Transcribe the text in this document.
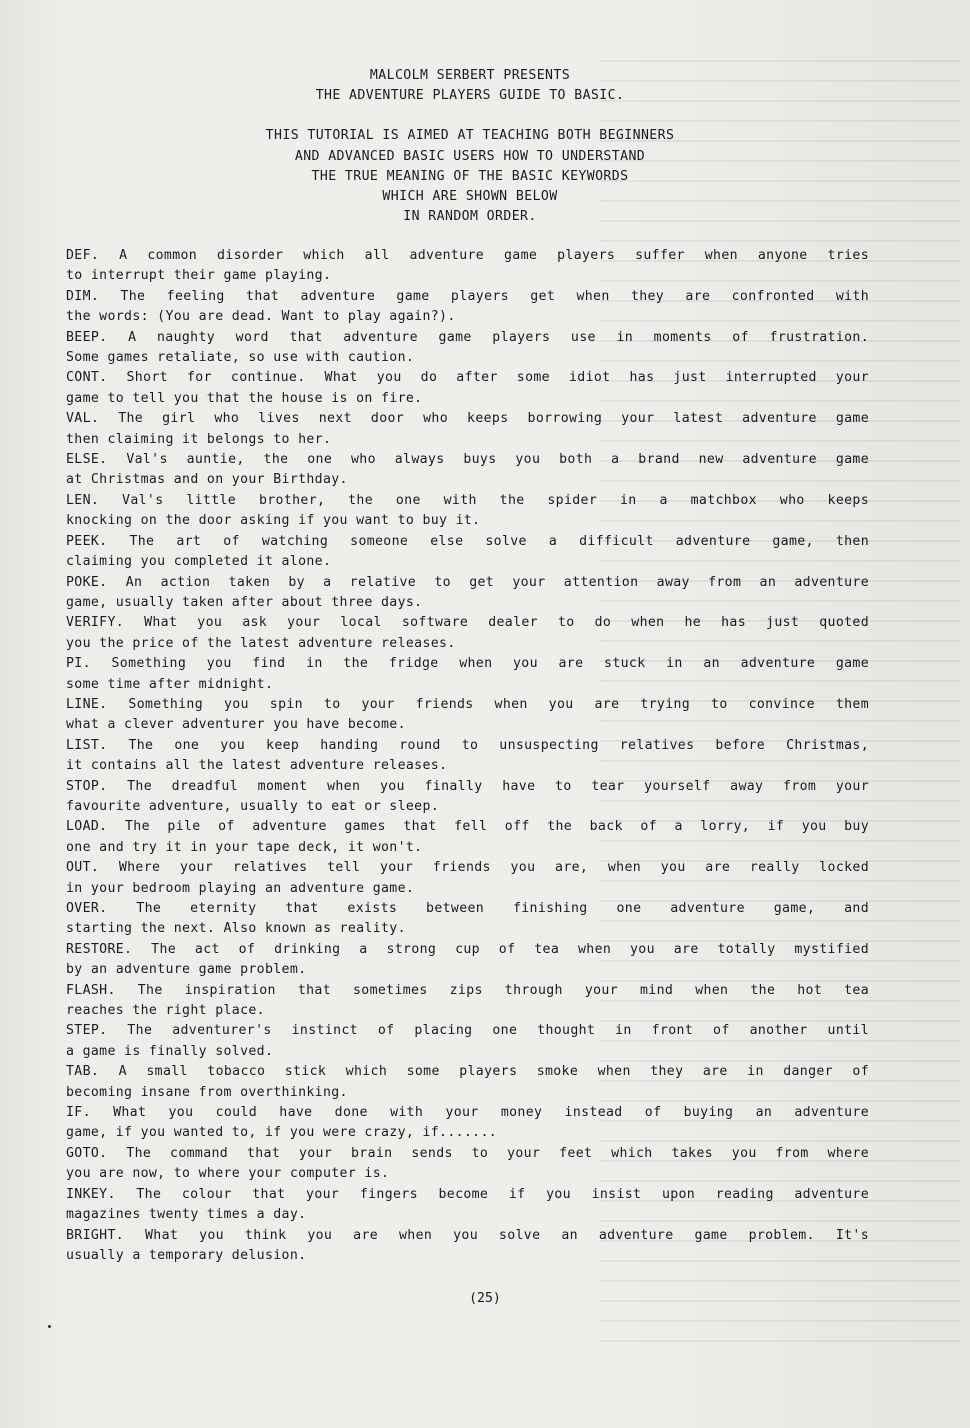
MALCOLM SERBERT PRESENTS
THE ADVENTURE PLAYERS GUIDE TO BASIC.
THIS TUTORIAL IS AIMED AT TEACHING BOTH BEGINNERS
AND ADVANCED BASIC USERS HOW TO UNDERSTAND
THE TRUE MEANING OF THE BASIC KEYWORDS
WHICH ARE SHOWN BELOW
IN RANDOM ORDER.
DEF. A common disorder which all adventure game players suffer when anyone tries
to interrupt their game playing.
DIM. The feeling that adventure game players get when they are confronted with
the words: (You are dead. Want to play again?).
BEEP. A naughty word that adventure game players use in moments of frustration.
Some games retaliate, so use with caution.
CONT. Short for continue. What you do after some idiot has just interrupted your
game to tell you that the house is on fire.
VAL. The girl who lives next door who keeps borrowing your latest adventure game
then claiming it belongs to her.
ELSE. Val's auntie, the one who always buys you both a brand new adventure game
at Christmas and on your Birthday.
LEN. Val's little brother, the one with the spider in a matchbox who keeps
knocking on the door asking if you want to buy it.
PEEK. The art of watching someone else solve a difficult adventure game, then
claiming you completed it alone.
POKE. An action taken by a relative to get your attention away from an adventure
game, usually taken after about three days.
VERIFY. What you ask your local software dealer to do when he has just quoted
you the price of the latest adventure releases.
PI. Something you find in the fridge when you are stuck in an adventure game
some time after midnight.
LINE. Something you spin to your friends when you are trying to convince them
what a clever adventurer you have become.
LIST. The one you keep handing round to unsuspecting relatives before Christmas,
it contains all the latest adventure releases.
STOP. The dreadful moment when you finally have to tear yourself away from your
favourite adventure, usually to eat or sleep.
LOAD. The pile of adventure games that fell off the back of a lorry, if you buy
one and try it in your tape deck, it won't.
OUT. Where your relatives tell your friends you are, when you are really locked
in your bedroom playing an adventure game.
OVER. The eternity that exists between finishing one adventure game, and
starting the next. Also known as reality.
RESTORE. The act of drinking a strong cup of tea when you are totally mystified
by an adventure game problem.
FLASH. The inspiration that sometimes zips through your mind when the hot tea
reaches the right place.
STEP. The adventurer's instinct of placing one thought in front of another until
a game is finally solved.
TAB. A small tobacco stick which some players smoke when they are in danger of
becoming insane from overthinking.
IF. What you could have done with your money instead of buying an adventure
game, if you wanted to, if you were crazy, if.......
GOTO. The command that your brain sends to your feet which takes you from where
you are now, to where your computer is.
INKEY. The colour that your fingers become if you insist upon reading adventure
magazines twenty times a day.
BRIGHT. What you think you are when you solve an adventure game problem. It's
usually a temporary delusion.
(25)
